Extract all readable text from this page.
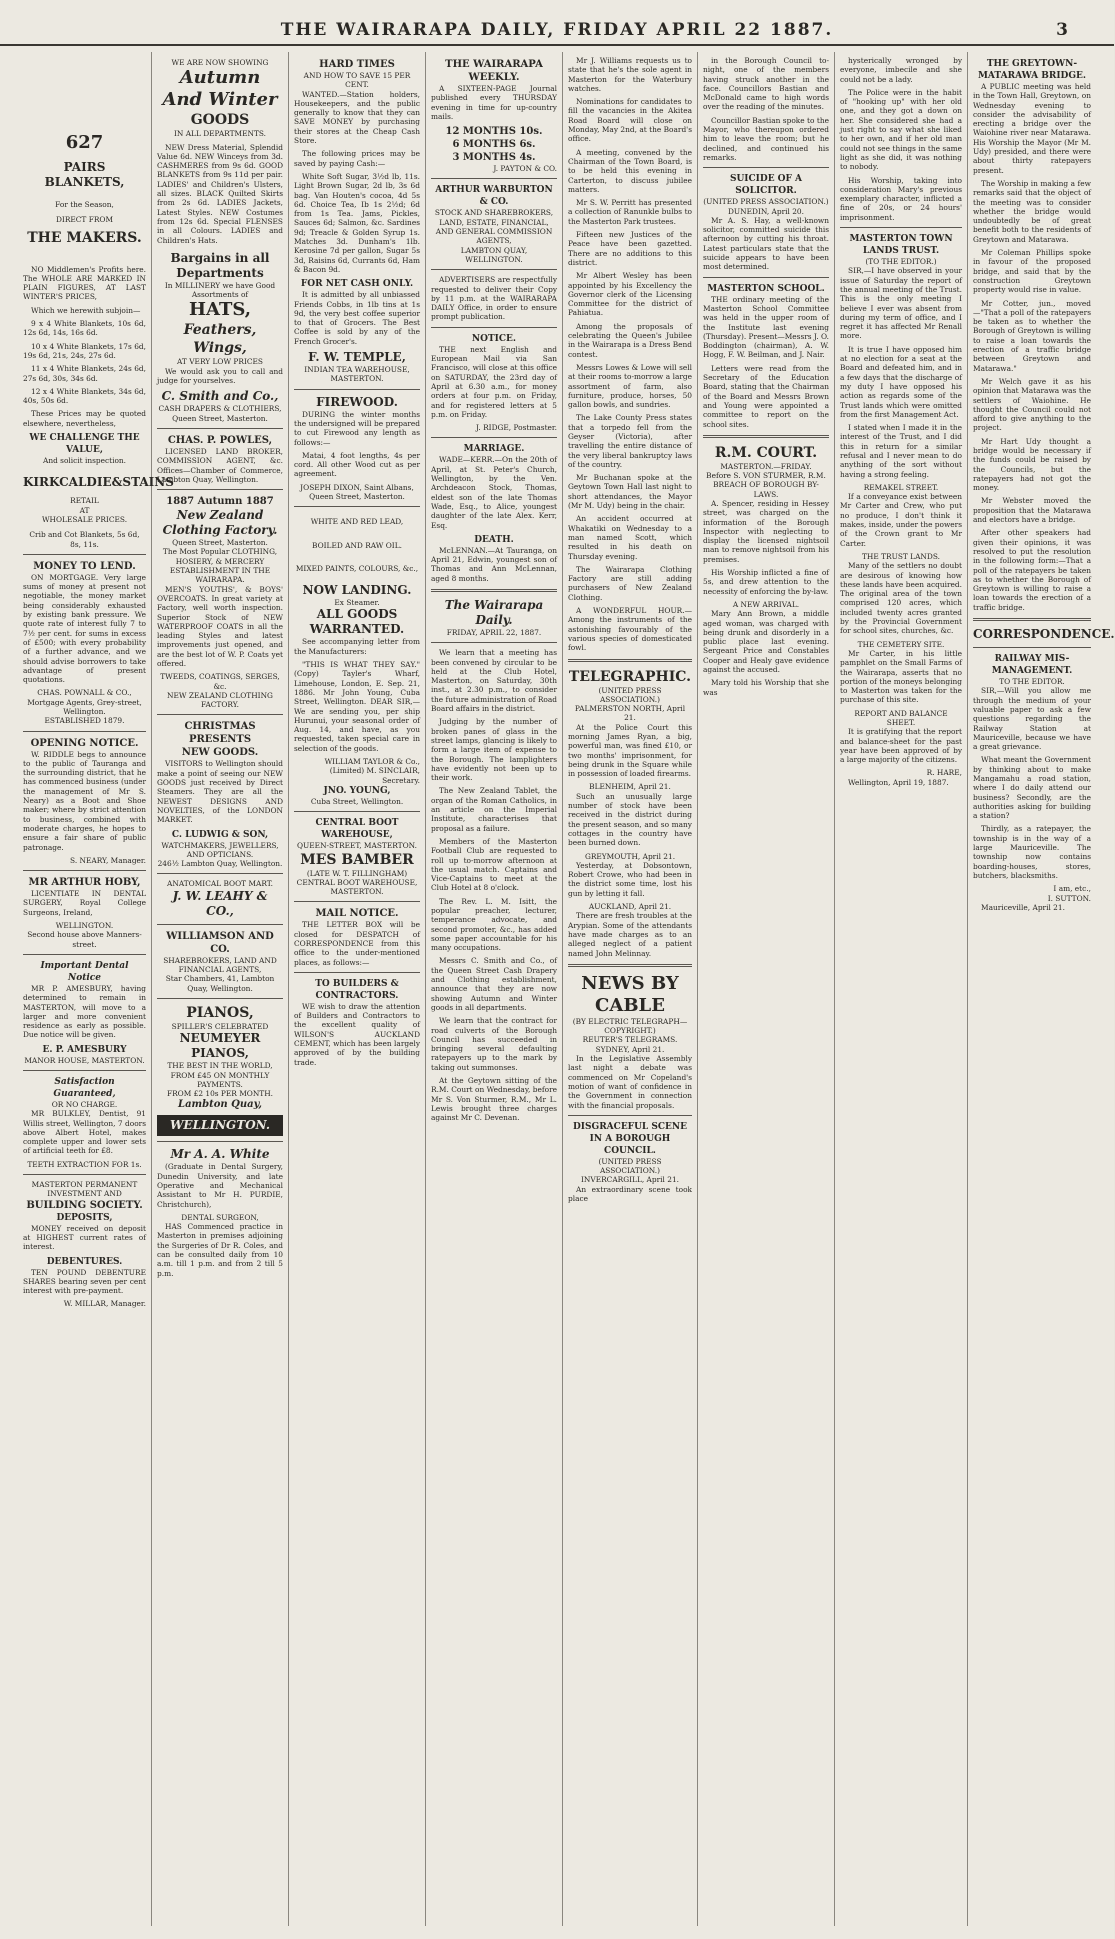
THE WAIRARAPA DAILY, FRIDAY APRIL 22 1887.	3
627
PAIRS BLANKETS,
For the Season,
DIRECT FROM
THE MAKERS.
NO Middlemen's Profits here. The WHOLE ARE MARKED IN PLAIN FIGURES, AT LAST WINTER'S PRICES,
Which we herewith subjoin—
9 x 4 White Blankets, 10s 6d, 12s 6d, 14s, 16s 6d.
10 x 4 White Blankets, 17s 6d, 19s 6d, 21s, 24s, 27s 6d.
11 x 4 White Blankets, 24s 6d, 27s 6d, 30s, 34s 6d.
12 x 4 White Blankets, 34s 6d, 40s, 50s 6d.
These Prices may be quoted elsewhere, nevertheless,
WE CHALLENGE THE VALUE,
And solicit inspection.
KIRKCALDIE&STAINS
RETAIL
AT
WHOLESALE PRICES.
Crib and Cot Blankets, 5s 6d, 8s, 11s.
MONEY TO LEND.
ON MORTGAGE. Very large sums of money at present not negotiable, the money market being considerably exhausted by existing bank pressure. We quote rate of interest fully 7 to 7½ per cent. for sums in excess of £500; with every probability of a further advance, and we should advise borrowers to take advantage of present quotations.
CHAS. POWNALL & CO., Mortgage Agents, Grey-street, Wellington.
ESTABLISHED 1879.
OPENING NOTICE.
W. RIDDLE begs to announce to the public of Tauranga and the surrounding district, that he has commenced business (under the management of Mr S. Neary) as a Boot and Shoe maker; where by strict attention to business, combined with moderate charges, he hopes to ensure a fair share of public patronage.
S. NEARY, Manager.
MR ARTHUR HOBY,
LICENTIATE IN DENTAL SURGERY, Royal College Surgeons, Ireland,
WELLINGTON.
Second house above Manners-street.
Important Dental Notice
MR P. AMESBURY, having determined to remain in MASTERTON, will move to a larger and more convenient residence as early as possible. Due notice will be given.
E. P. AMESBURY
MANOR HOUSE, MASTERTON.
Satisfaction Guaranteed,
OR NO CHARGE.
MR BULKLEY, Dentist, 91 Willis street, Wellington, 7 doors above Albert Hotel, makes complete upper and lower sets of artificial teeth for £8.
TEETH EXTRACTION FOR 1s.
MASTERTON PERMANENT INVESTMENT AND
BUILDING SOCIETY.
DEPOSITS,
MONEY received on deposit at HIGHEST current rates of interest.
DEBENTURES.
TEN POUND DEBENTURE SHARES bearing seven per cent interest with pre-payment.
W. MILLAR, Manager.
WE ARE NOW SHOWING
Autumn
And Winter
GOODS
IN ALL DEPARTMENTS.
NEW Dress Material, Splendid Value 6d. NEW Winceys from 3d. CASHMERES from 9s 6d. GOOD BLANKETS from 9s 11d per pair. LADIES' and Children's Ulsters, all sizes. BLACK Quilted Skirts from 2s 6d. LADIES Jackets, Latest Styles. NEW Costumes from 12s 6d. Special FLENSES in all Colours. LADIES and Children's Hats.
Bargains in all Departments
In MILLINERY we have Good Assortments of
HATS,
Feathers,
Wings,
AT VERY LOW PRICES
We would ask you to call and judge for yourselves.
C. Smith and Co.,
CASH DRAPERS & CLOTHIERS,
Queen Street, Masterton.
CHAS. P. POWLES,
LICENSED LAND BROKER, COMMISSION AGENT, &c. Offices—Chamber of Commerce, Lambton Quay, Wellington.
1887 Autumn 1887
New Zealand
Clothing Factory.
Queen Street, Masterton.
The Most Popular CLOTHING, HOSIERY, & MERCERY ESTABLISHMENT IN THE WAIRARAPA.
MEN'S YOUTHS', & BOYS' OVERCOATS. In great variety at Factory, well worth inspection. Superior Stock of NEW WATERPROOF COATS in all the leading Styles and latest improvements just opened, and are the best lot of W. P. Coats yet offered.
TWEEDS, COATINGS, SERGES, &c.
NEW ZEALAND CLOTHING FACTORY.
CHRISTMAS PRESENTS
NEW GOODS.
VISITORS to Wellington should make a point of seeing our NEW GOODS just received by Direct Steamers. They are all the NEWEST DESIGNS AND NOVELTIES, of the LONDON MARKET.
C. LUDWIG & SON,
WATCHMAKERS, JEWELLERS, AND OPTICIANS.
246½ Lambton Quay, Wellington.
ANATOMICAL BOOT MART.
J. W. LEAHY & CO.,
WILLIAMSON AND CO.
SHAREBROKERS, LAND AND FINANCIAL AGENTS,
Star Chambers, 41, Lambton Quay, Wellington.
PIANOS,
SPILLER'S CELEBRATED
NEUMEYER PIANOS,
THE BEST IN THE WORLD,
FROM £45 ON MONTHLY PAYMENTS.
FROM £2 10s PER MONTH.
Lambton Quay,
WELLINGTON.
Mr A. A. White
(Graduate in Dental Surgery, Dunedin University, and late Operative and Mechanical Assistant to Mr H. PURDIE, Christchurch),
DENTAL SURGEON,
HAS Commenced practice in Masterton in premises adjoining the Surgeries of Dr R. Coles, and can be consulted daily from 10 a.m. till 1 p.m. and from 2 till 5 p.m.
HARD TIMES
AND HOW TO SAVE 15 PER CENT.
WANTED.—Station holders, Housekeepers, and the public generally to know that they can SAVE MONEY by purchasing their stores at the Cheap Cash Store.
The following prices may be saved by paying Cash:—
White Soft Sugar, 3½d lb, 11s. Light Brown Sugar, 2d lb, 3s 6d bag. Van Houten's cocoa, 4d 5s 6d. Choice Tea, Ib 1s 2½d; 6d from 1s Tea. Jams, Pickles, Sauces 6d; Salmon, &c. Sardines 9d; Treacle & Golden Syrup 1s. Matches 3d. Dunham's 1lb. Kerosine 7d per gallon, Sugar 5s 3d, Raisins 6d, Currants 6d, Ham & Bacon 9d.
FOR NET CASH ONLY.
It is admitted by all unbiassed Friends Cobbs, in 1lb tins at 1s 9d, the very best coffee superior to that of Grocers. The Best Coffee is sold by any of the French Grocer's.
F. W. TEMPLE,
INDIAN TEA WAREHOUSE,
MASTERTON.
FIREWOOD.
DURING the winter months the undersigned will be prepared to cut Firewood any length as follows:—
Matai, 4 foot lengths, 4s per cord. All other Wood cut as per agreement.
JOSEPH DIXON, Saint Albans, Queen Street, Masterton.
WHITE AND RED LEAD,
BOILED AND RAW OIL.
MIXED PAINTS, COLOURS, &c.,
NOW LANDING.
Ex Steamer.
ALL GOODS WARRANTED.
See accompanying letter from the Manufacturers:
"THIS IS WHAT THEY SAY." (Copy) Tayler's Wharf, Limehouse, London, E. Sep. 21, 1886. Mr John Young, Cuba Street, Wellington. DEAR SIR,—We are sending you, per ship Hurunui, your seasonal order of Aug. 14, and have, as you requested, taken special care in selection of the goods.
WILLIAM TAYLOR & Co., (Limited) M. SINCLAIR, Secretary.
JNO. YOUNG,
Cuba Street, Wellington.
CENTRAL BOOT WAREHOUSE,
QUEEN-STREET, MASTERTON.
MES BAMBER
(LATE W. T. FILLINGHAM) CENTRAL BOOT WAREHOUSE, MASTERTON.
MAIL NOTICE.
THE LETTER BOX will be closed for DESPATCH of CORRESPONDENCE from this office to the under-mentioned places, as follows:—
TO BUILDERS & CONTRACTORS.
WE wish to draw the attention of Builders and Contractors to the excellent quality of WILSON'S AUCKLAND CEMENT, which has been largely approved of by the building trade.
THE WAIRARAPA WEEKLY.
A SIXTEEN-PAGE Journal published every THURSDAY evening in time for up-country mails.
12 MONTHS 10s.
6 MONTHS 6s.
3 MONTHS 4s.
J. PAYTON & CO.
ARTHUR WARBURTON & CO.
STOCK AND SHAREBROKERS, LAND, ESTATE, FINANCIAL, AND GENERAL COMMISSION AGENTS,
LAMBTON QUAY, WELLINGTON.
ADVERTISERS are respectfully requested to deliver their Copy by 11 p.m. at the WAIRARAPA DAILY Office, in order to ensure prompt publication.
NOTICE.
THE next English and European Mail via San Francisco, will close at this office on SATURDAY, the 23rd day of April at 6.30 a.m., for money orders at four p.m. on Friday, and for registered letters at 5 p.m. on Friday.
J. RIDGE, Postmaster.
MARRIAGE.
WADE—KERR.—On the 20th of April, at St. Peter's Church, Wellington, by the Ven. Archdeacon Stock, Thomas, eldest son of the late Thomas Wade, Esq., to Alice, youngest daughter of the late Alex. Kerr, Esq.
DEATH.
McLENNAN.—At Tauranga, on April 21, Edwin, youngest son of Thomas and Ann McLennan, aged 8 months.
The Wairarapa Daily.
FRIDAY, APRIL 22, 1887.
We learn that a meeting has been convened by circular to be held at the Club Hotel, Masterton, on Saturday, 30th inst., at 2.30 p.m., to consider the future administration of Road Board affairs in the district.
Judging by the number of broken panes of glass in the street lamps, glancing is likely to form a large item of expense to the Borough. The lamplighters have evidently not been up to their work.
The New Zealand Tablet, the organ of the Roman Catholics, in an article on the Imperial Institute, characterises that proposal as a failure.
Members of the Masterton Football Club are requested to roll up to-morrow afternoon at the usual match. Captains and Vice-Captains to meet at the Club Hotel at 8 o'clock.
The Rev. L. M. Isitt, the popular preacher, lecturer, temperance advocate, and second promoter, &c., has added some paper accountable for his many occupations.
Messrs C. Smith and Co., of the Queen Street Cash Drapery and Clothing establishment, announce that they are now showing Autumn and Winter goods in all departments.
We learn that the contract for road culverts of the Borough Council has succeeded in bringing several defaulting ratepayers up to the mark by taking out summonses.
At the Geytown sitting of the R.M. Court on Wednesday, before Mr S. Von Sturmer, R.M., Mr L. Lewis brought three charges against Mr C. Devenan.
Mr J. Williams requests us to state that he's the sole agent in Masterton for the Waterbury watches.
Nominations for candidates to fill the vacancies in the Akitea Road Board will close on Monday, May 2nd, at the Board's office.
A meeting, convened by the Chairman of the Town Board, is to be held this evening in Carterton, to discuss jubilee matters.
Mr S. W. Perritt has presented a collection of Ranunkle bulbs to the Masterton Park trustees.
Fifteen new Justices of the Peace have been gazetted. There are no additions to this district.
Mr Albert Wesley has been appointed by his Excellency the Governor clerk of the Licensing Committee for the district of Pahiatua.
Among the proposals of celebrating the Queen's Jubilee in the Wairarapa is a Dress Bend contest.
Messrs Lowes & Lowe will sell at their rooms to-morrow a large assortment of farm, also furniture, produce, horses, 50 gallon bowls, and sundries.
The Lake County Press states that a torpedo fell from the Geyser (Victoria), after travelling the entire distance of the very liberal bankruptcy laws of the country.
Mr Buchanan spoke at the Geytown Town Hall last night to short attendances, the Mayor (Mr M. Udy) being in the chair.
An accident occurred at Whakatiki on Wednesday to a man named Scott, which resulted in his death on Thursday evening.
The Wairarapa Clothing Factory are still adding purchasers of New Zealand Clothing.
A WONDERFUL HOUR.—Among the instruments of the astonishing favourably of the various species of domesticated fowl.
TELEGRAPHIC.
(UNITED PRESS ASSOCIATION.)
PALMERSTON NORTH, April 21.
At the Police Court this morning James Ryan, a big, powerful man, was fined £10, or two months' imprisonment, for being drunk in the Square while in possession of loaded firearms.
BLENHEIM, April 21.
Such an unusually large number of stock have been received in the district during the present season, and so many cottages in the country have been burned down.
GREYMOUTH, April 21.
Yesterday, at Dobsontown, Robert Crowe, who had been in the district some time, lost his gun by letting it fall.
AUCKLAND, April 21.
There are fresh troubles at the Arypian. Some of the attendants have made charges as to an alleged neglect of a patient named John Melinnay.
NEWS BY CABLE
(BY ELECTRIC TELEGRAPH—COPYRIGHT.)
REUTER'S TELEGRAMS.
SYDNEY, April 21.
In the Legislative Assembly last night a debate was commenced on Mr Copeland's motion of want of confidence in the Government in connection with the financial proposals.
DISGRACEFUL SCENE IN A BOROUGH COUNCIL.
(UNITED PRESS ASSOCIATION.)
INVERCARGILL, April 21.
An extraordinary scene took place
in the Borough Council to-night, one of the members having struck another in the face. Councillors Bastian and McDonald came to high words over the reading of the minutes.
Councillor Bastian spoke to the Mayor, who thereupon ordered him to leave the room; but he declined, and continued his remarks.
SUICIDE OF A SOLICITOR.
(UNITED PRESS ASSOCIATION.)
DUNEDIN, April 20.
Mr A. S. Hay, a well-known solicitor, committed suicide this afternoon by cutting his throat. Latest particulars state that the suicide appears to have been most determined.
MASTERTON SCHOOL.
THE ordinary meeting of the Masterton School Committee was held in the upper room of the Institute last evening (Thursday). Present—Messrs J. O. Boddington (chairman), A. W. Hogg, F. W. Beilman, and J. Nair.
Letters were read from the Secretary of the Education Board, stating that the Chairman of the Board and Messrs Brown and Young were appointed a committee to report on the school sites.
R.M. COURT.
MASTERTON.—FRIDAY.
Before S. VON STURMER, R.M.
BREACH OF BOROUGH BY-LAWS.
A. Spencer, residing in Hessey street, was charged on the information of the Borough Inspector with neglecting to display the licensed nightsoil man to remove nightsoil from his premises.
His Worship inflicted a fine of 5s, and drew attention to the necessity of enforcing the by-law.
A NEW ARRIVAL.
Mary Ann Brown, a middle aged woman, was charged with being drunk and disorderly in a public place last evening. Sergeant Price and Constables Cooper and Healy gave evidence against the accused.
Mary told his Worship that she was
hysterically wronged by everyone, imbecile and she could not be a lady.
The Police were in the habit of "hooking up" with her old one, and they got a down on her. She considered she had a just right to say what she liked to her own, and if her old man could not see things in the same light as she did, it was nothing to nobody.
His Worship, taking into consideration Mary's previous exemplary character, inflicted a fine of 20s, or 24 hours' imprisonment.
MASTERTON TOWN LANDS TRUST.
(TO THE EDITOR.)
SIR,—I have observed in your issue of Saturday the report of the annual meeting of the Trust. This is the only meeting I believe I ever was absent from during my term of office, and I regret it has affected Mr Renall more.
It is true I have opposed him at no election for a seat at the Board and defeated him, and in a few days that the discharge of my duty I have opposed his action as regards some of the Trust lands which were omitted from the first Management Act.
I stated when I made it in the interest of the Trust, and I did this in return for a similar refusal and I never mean to do anything of the sort without having a strong feeling.
REMAKEL STREET.
If a conveyance exist between Mr Carter and Crew, who put no produce, I don't think it makes, inside, under the powers of the Crown grant to Mr Carter.
THE TRUST LANDS.
Many of the settlers no doubt are desirous of knowing how these lands have been acquired. The original area of the town comprised 120 acres, which included twenty acres granted by the Provincial Government for school sites, churches, &c.
THE CEMETERY SITE.
Mr Carter, in his little pamphlet on the Small Farms of the Wairarapa, asserts that no portion of the moneys belonging to Masterton was taken for the purchase of this site.
REPORT AND BALANCE SHEET.
It is gratifying that the report and balance-sheet for the past year have been approved of by a large majority of the citizens.
R. HARE,
Wellington, April 19, 1887.
THE GREYTOWN-MATARAWA BRIDGE.
A PUBLIC meeting was held in the Town Hall, Greytown, on Wednesday evening to consider the advisability of erecting a bridge over the Waiohine river near Matarawa. His Worship the Mayor (Mr M. Udy) presided, and there were about thirty ratepayers present.
The Worship in making a few remarks said that the object of the meeting was to consider whether the bridge would undoubtedly be of great benefit both to the residents of Greytown and Matarawa.
Mr Coleman Phillips spoke in favour of the proposed bridge, and said that by the construction Greytown property would rise in value.
Mr Cotter, jun., moved—"That a poll of the ratepayers be taken as to whether the Borough of Greytown is willing to raise a loan towards the erection of a traffic bridge between Greytown and Matarawa."
Mr Welch gave it as his opinion that Matarawa was the settlers of Waiohine. He thought the Council could not afford to give anything to the project.
Mr Hart Udy thought a bridge would be necessary if the funds could be raised by the Councils, but the ratepayers had not got the money.
Mr Webster moved the proposition that the Matarawa and electors have a bridge.
After other speakers had given their opinions, it was resolved to put the resolution in the following form:—That a poll of the ratepayers be taken as to whether the Borough of Greytown is willing to raise a loan towards the erection of a traffic bridge.
CORRESPONDENCE.
RAILWAY MIS-MANAGEMENT.
TO THE EDITOR.
SIR,—Will you allow me through the medium of your valuable paper to ask a few questions regarding the Railway Station at Mauriceville, because we have a great grievance.
What meant the Government by thinking about to make Mangamahu a road station, where I do daily attend our business? Secondly, are the authorities asking for building a station?
Thirdly, as a ratepayer, the township is in the way of a large Mauriceville. The township now contains boarding-houses, stores, butchers, blacksmiths.
I am, etc.,
I. SUTTON.
Mauriceville, April 21.
